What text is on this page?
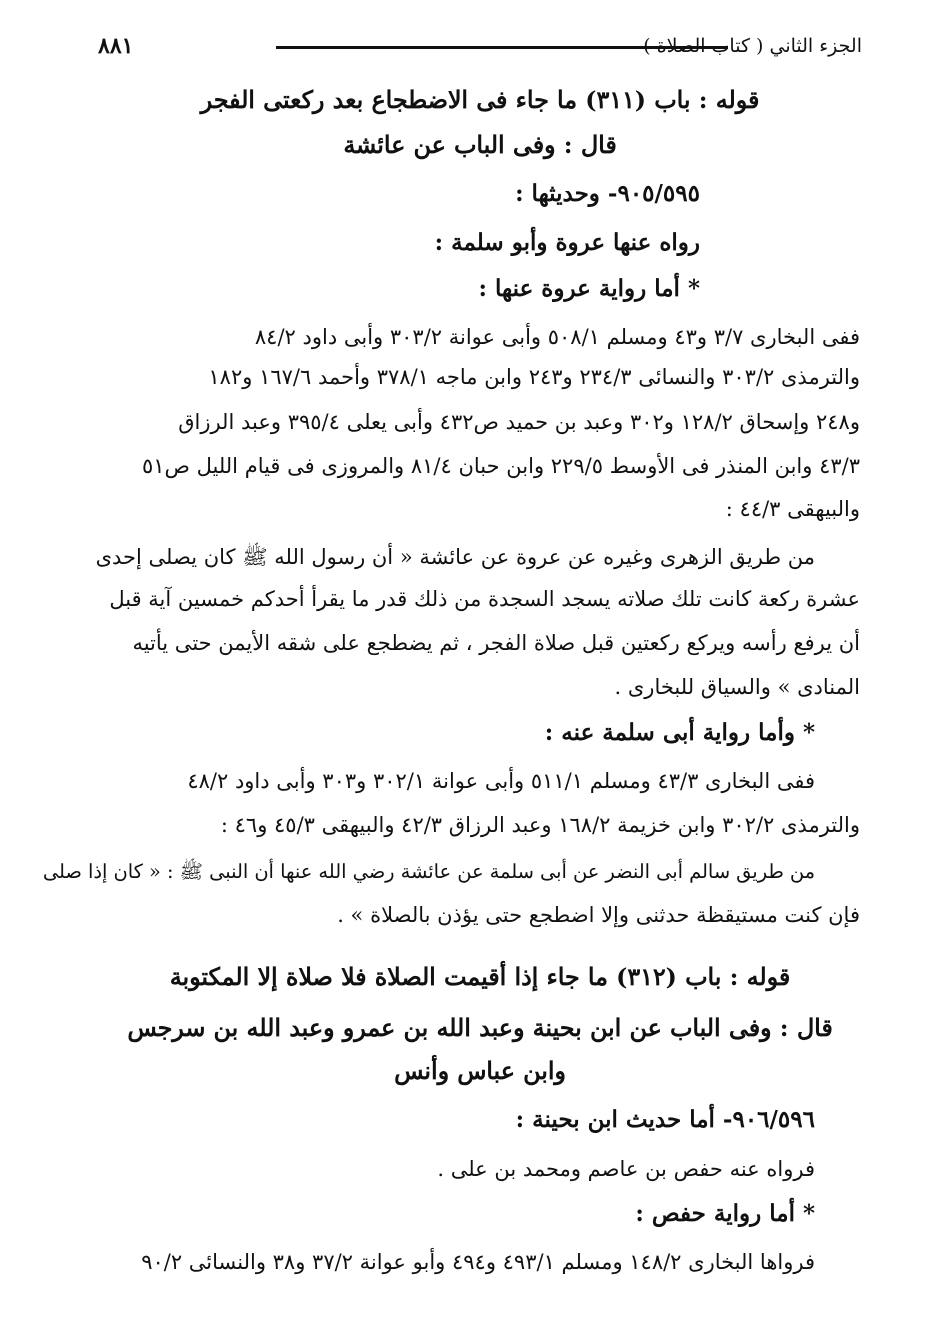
٨٨١	الجزء الثاني ( كتاب الصلاة )
قوله : باب (٣١١) ما جاء فى الاضطجاع بعد ركعتى الفجر
قال : وفى الباب عن عائشة
٩٠٥/٥٩٥- وحديثها :
رواه عنها عروة وأبو سلمة :
* أما رواية عروة عنها :
ففى البخارى ٣/٧ و٤٣ ومسلم ٥٠٨/١ وأبى عوانة ٣٠٣/٢ وأبى داود ٨٤/٢
والترمذى ٣٠٣/٢ والنسائى ٢٣٤/٣ و٢٤٣ وابن ماجه ٣٧٨/١ وأحمد ١٦٧/٦ و١٨٢
و٢٤٨ وإسحاق ١٢٨/٢ و٣٠٢ وعبد بن حميد ص٤٣٢ وأبى يعلى ٣٩٥/٤ وعبد الرزاق
٤٣/٣ وابن المنذر فى الأوسط ٢٢٩/٥ وابن حبان ٨١/٤ والمروزى فى قيام الليل ص٥١
والبيهقى ٤٤/٣ :
من طريق الزهرى وغيره عن عروة عن عائشة « أن رسول الله ﷺ كان يصلى إحدى
عشرة ركعة كانت تلك صلاته يسجد السجدة من ذلك قدر ما يقرأ أحدكم خمسين آية قبل
أن يرفع رأسه ويركع ركعتين قبل صلاة الفجر ، ثم يضطجع على شقه الأيمن حتى يأتيه
المنادى » والسياق للبخارى .
* وأما رواية أبى سلمة عنه :
ففى البخارى ٤٣/٣ ومسلم ٥١١/١ وأبى عوانة ٣٠٢/١ و٣٠٣ وأبى داود ٤٨/٢
والترمذى ٣٠٢/٢ وابن خزيمة ١٦٨/٢ وعبد الرزاق ٤٢/٣ والبيهقى ٤٥/٣ و٤٦ :
من طريق سالم أبى النضر عن أبى سلمة عن عائشة رضي الله عنها أن النبى ﷺ : « كان إذا صلى
فإن كنت مستيقظة حدثنى وإلا اضطجع حتى يؤذن بالصلاة » .
قوله : باب (٣١٢) ما جاء إذا أقيمت الصلاة فلا صلاة إلا المكتوبة
قال : وفى الباب عن ابن بحينة وعبد الله بن عمرو وعبد الله بن سرجس
وابن عباس وأنس
٩٠٦/٥٩٦- أما حديث ابن بحينة :
فرواه عنه حفص بن عاصم ومحمد بن على .
* أما رواية حفص :
فرواها البخارى ١٤٨/٢ ومسلم ٤٩٣/١ و٤٩٤ وأبو عوانة ٣٧/٢ و٣٨ والنسائى ٩٠/٢
